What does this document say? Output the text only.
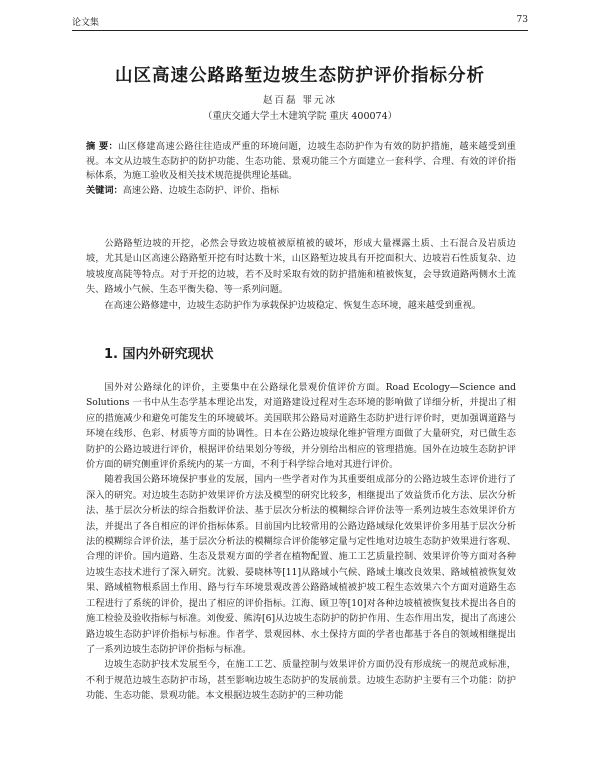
论文集	73
山区高速公路路堑边坡生态防护评价指标分析
赵百磊 罪元冰
（重庆交通大学土木建筑学院 重庆 400074）

摘 要：山区修建高速公路往往造成严重的环境问题，边坡生态防护作为有效的防护措施，越来越受到重视。本文从边坡生态防护的防护功能、生态功能、景观功能三个方面建立一套科学、合理、有效的评价指标体系，为施工验收及相关技术规范提供理论基础。

关键词：高速公路、边坡生态防护、评价、指标

公路路堑边坡的开挖，必然会导致边坡植被原植被的破坏，形成大量裸露土质、土石混合及岩质边坡，尤其是山区高速公路路堑开挖有时达数十米，山区路堑边坡具有开挖面积大、边坡岩石性质复杂、边坡坡度高陡等特点。对于开挖的边坡，若不及时采取有效的防护措施和植被恢复，会导致道路两侧水土流失、路域小气候、生态平衡失稳、等一系列问题。

在高速公路修建中，边坡生态防护作为承载保护边坡稳定、恢复生态环境，越来越受到重视。

1. 国内外研究现状

国外对公路绿化的评价，主要集中在公路绿化景观价值评价方面。Road Ecology—Science and Solutions 一书中从生态学基本理论出发，对道路建设过程对生态环境的影响做了详细分析，并提出了相应的措施减少和避免可能发生的环境破坏。美国联邦公路局对道路生态防护进行评价时，更加强调道路与环境在线形、色彩、材质等方面的协调性。日本在公路边坡绿化维护管理方面做了大量研究，对已做生态防护的公路边坡进行评价，根据评价结果划分等级，并分别给出相应的管理措施。国外在边坡生态防护评价方面的研究侧重评价系统内的某一方面，不利于科学综合地对其进行评价。

随着我国公路环境保护事业的发展，国内一些学者对作为其重要组成部分的公路边坡生态评价进行了深入的研究。对边坡生态防护效果评价方法及模型的研究比较多，相继提出了效益货币化方法、层次分析法、基于层次分析法的综合指数评价法、基于层次分析法的模糊综合评价法等一系列边坡生态效果评价方法，并提出了各自相应的评价指标体系。目前国内比较常用的公路边路域绿化效果评价多用基于层次分析法的模糊综合评价法，基于层次分析法的模糊综合评价能够定量与定性地对边坡生态防护效果进行客观、合理的评价。国内道路、生态及景观方面的学者在植物配置、施工工艺质量控制、效果评价等方面对各种边坡生态技术进行了深入研究。沈毅、晏晓林等[11]从路域小气候、路域土壤改良效果、路域植被恢复效果、路域植物根系固土作用、路与行车环境景观改善公路路域植被护坡工程生态效果六个方面对道路生态工程进行了系统的评价，提出了相应的评价指标。江海、顾卫等[10]对各种边坡植被恢复技术提出各自的施工检验及验收指标与标准。刘俊爱、熊涛[6]从边坡生态防护的防护作用、生态作用出发，提出了高速公路边坡生态防护评价指标与标准。作者学、景观园林、水土保持方面的学者也都基于各自的领域相继提出了一系列边坡生态防护评价指标与标准。

边坡生态防护技术发展至今，在施工工艺、质量控制与效果评价方面仍没有形成统一的规范或标准，不利于规范边坡生态防护市场，甚至影响边坡生态防护的发展前景。边坡生态防护主要有三个功能：防护功能、生态功能、景观功能。本文根据边坡生态防护的三种功能
